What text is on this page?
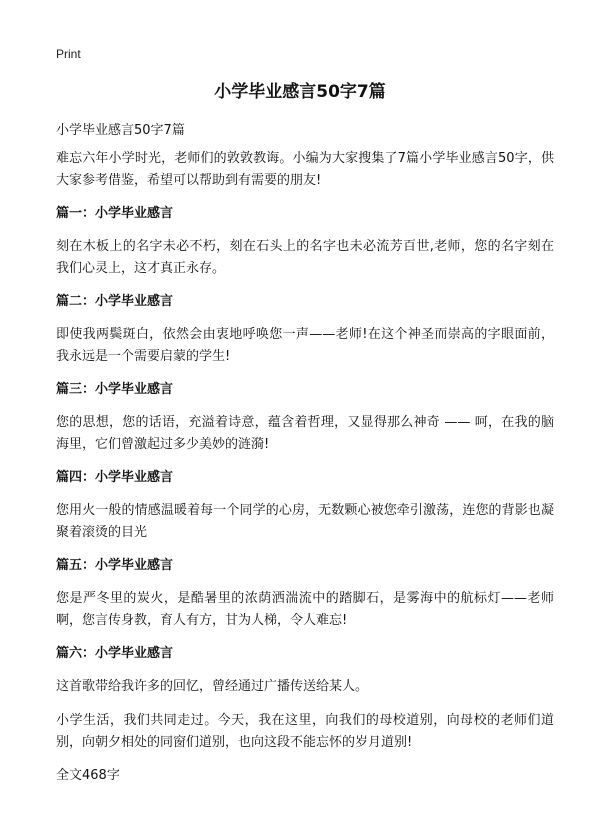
Print
小学毕业感言50字7篇
小学毕业感言50字7篇

难忘六年小学时光，老师们的敦敦教诲。小编为大家搜集了7篇小学毕业感言50字，供大家参考借鉴，希望可以帮助到有需要的朋友!

篇一：小学毕业感言

刻在木板上的名字未必不朽，刻在石头上的名字也未必流芳百世,老师，您的名字刻在我们心灵上，这才真正永存。

篇二：小学毕业感言

即使我两鬓斑白，依然会由衷地呼唤您一声——老师!在这个神圣而崇高的字眼面前，我永远是一个需要启蒙的学生!

篇三：小学毕业感言

您的思想，您的话语，充溢着诗意，蕴含着哲理，又显得那么神奇 —— 呵，在我的脑海里，它们曾激起过多少美妙的涟漪!

篇四：小学毕业感言

您用火一般的情感温暖着每一个同学的心房，无数颗心被您牵引激荡，连您的背影也凝聚着滚烫的目光

篇五：小学毕业感言

您是严冬里的炭火，是酷暑里的浓荫洒湍流中的踏脚石，是雾海中的航标灯——老师啊，您言传身教，育人有方，甘为人梯，令人难忘!

篇六：小学毕业感言

这首歌带给我许多的回忆，曾经通过广播传送给某人。

小学生活，我们共同走过。今天，我在这里，向我们的母校道别，向母校的老师们道别，向朝夕相处的同窗们道别，也向这段不能忘怀的岁月道别!

全文468字
